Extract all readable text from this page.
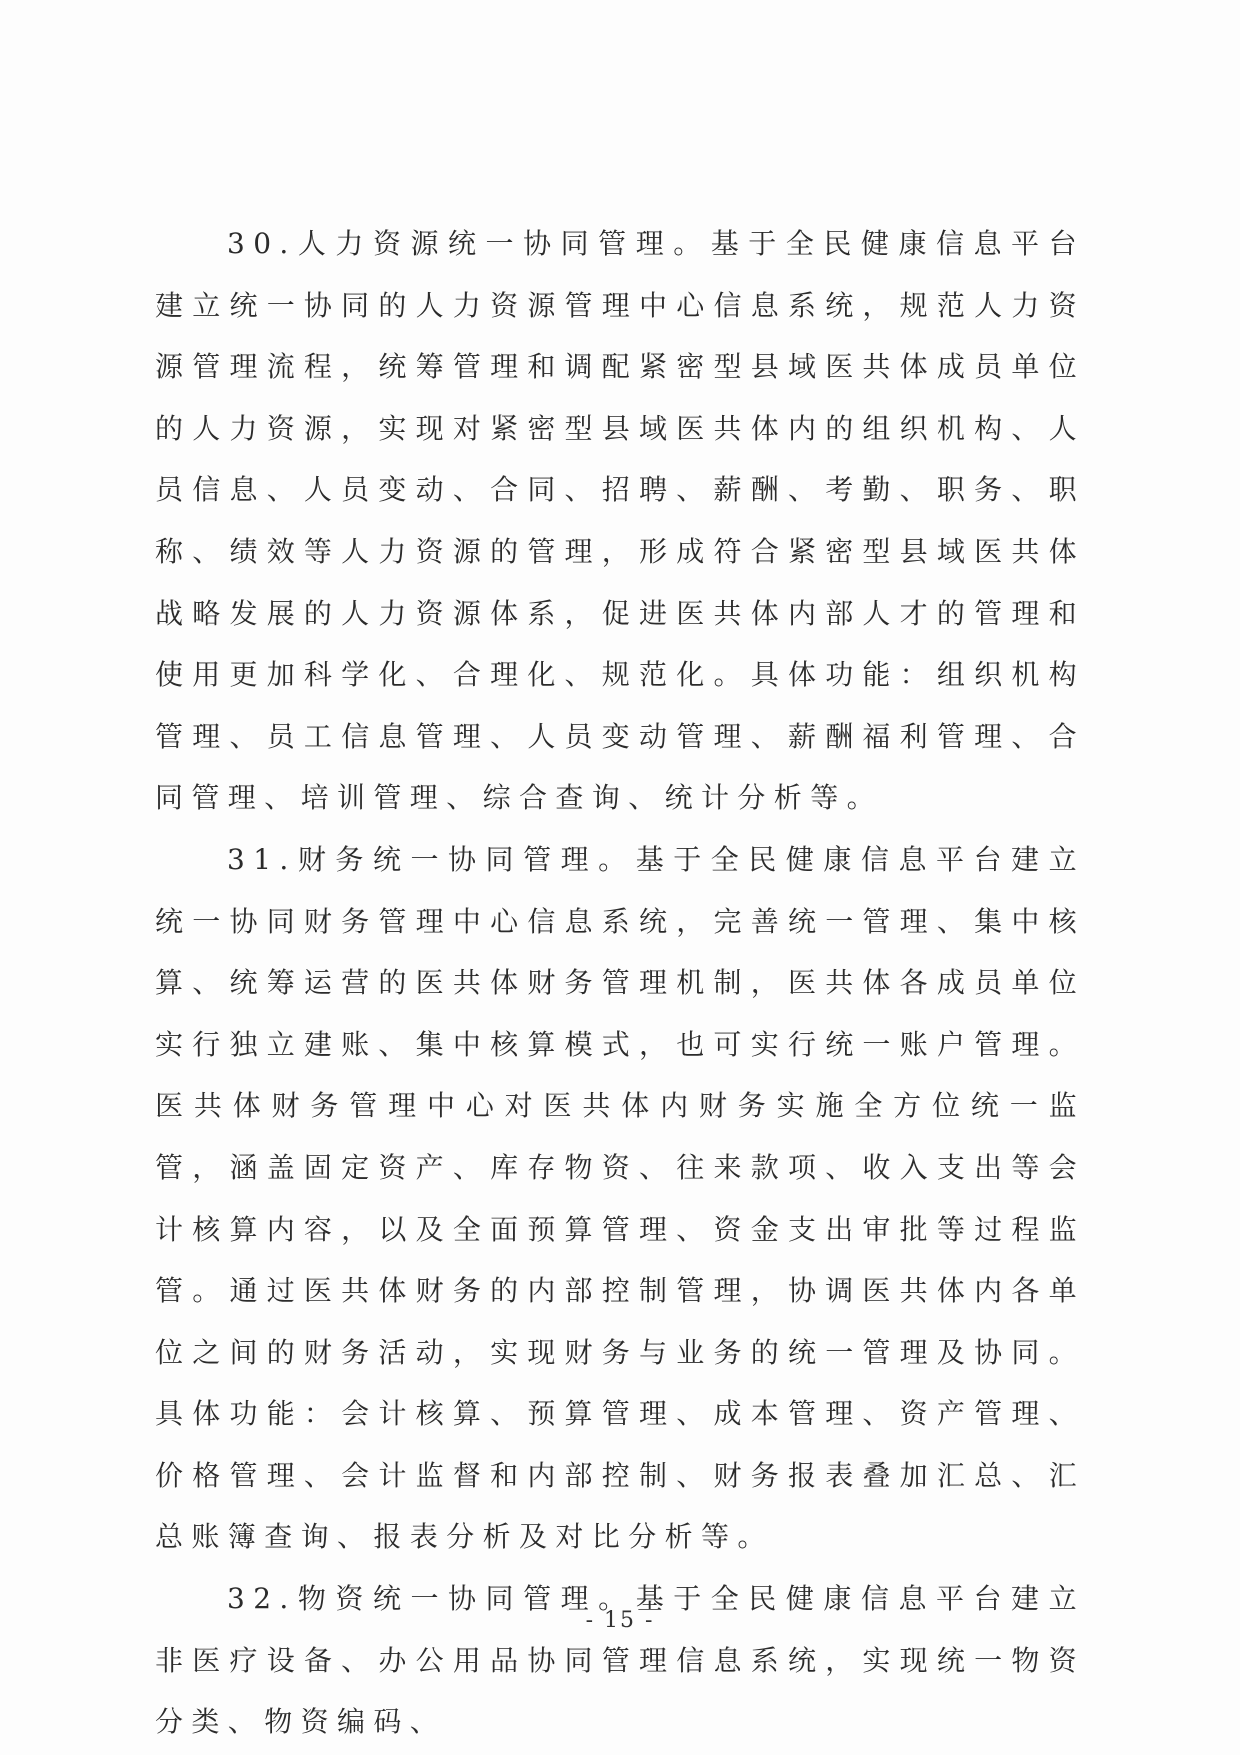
30.人力资源统一协同管理。基于全民健康信息平台建立统一协同的人力资源管理中心信息系统，规范人力资源管理流程，统筹管理和调配紧密型县域医共体成员单位的人力资源，实现对紧密型县域医共体内的组织机构、人员信息、人员变动、合同、招聘、薪酬、考勤、职务、职称、绩效等人力资源的管理，形成符合紧密型县域医共体战略发展的人力资源体系，促进医共体内部人才的管理和使用更加科学化、合理化、规范化。具体功能：组织机构管理、员工信息管理、人员变动管理、薪酬福利管理、合同管理、培训管理、综合查询、统计分析等。

31.财务统一协同管理。基于全民健康信息平台建立统一协同财务管理中心信息系统，完善统一管理、集中核算、统筹运营的医共体财务管理机制，医共体各成员单位实行独立建账、集中核算模式，也可实行统一账户管理。医共体财务管理中心对医共体内财务实施全方位统一监管，涵盖固定资产、库存物资、往来款项、收入支出等会计核算内容，以及全面预算管理、资金支出审批等过程监管。通过医共体财务的内部控制管理，协调医共体内各单位之间的财务活动，实现财务与业务的统一管理及协同。具体功能：会计核算、预算管理、成本管理、资产管理、价格管理、会计监督和内部控制、财务报表叠加汇总、汇总账簿查询、报表分析及对比分析等。

32.物资统一协同管理。基于全民健康信息平台建立非医疗设备、办公用品协同管理信息系统，实现统一物资分类、物资编码、

- 15 -
